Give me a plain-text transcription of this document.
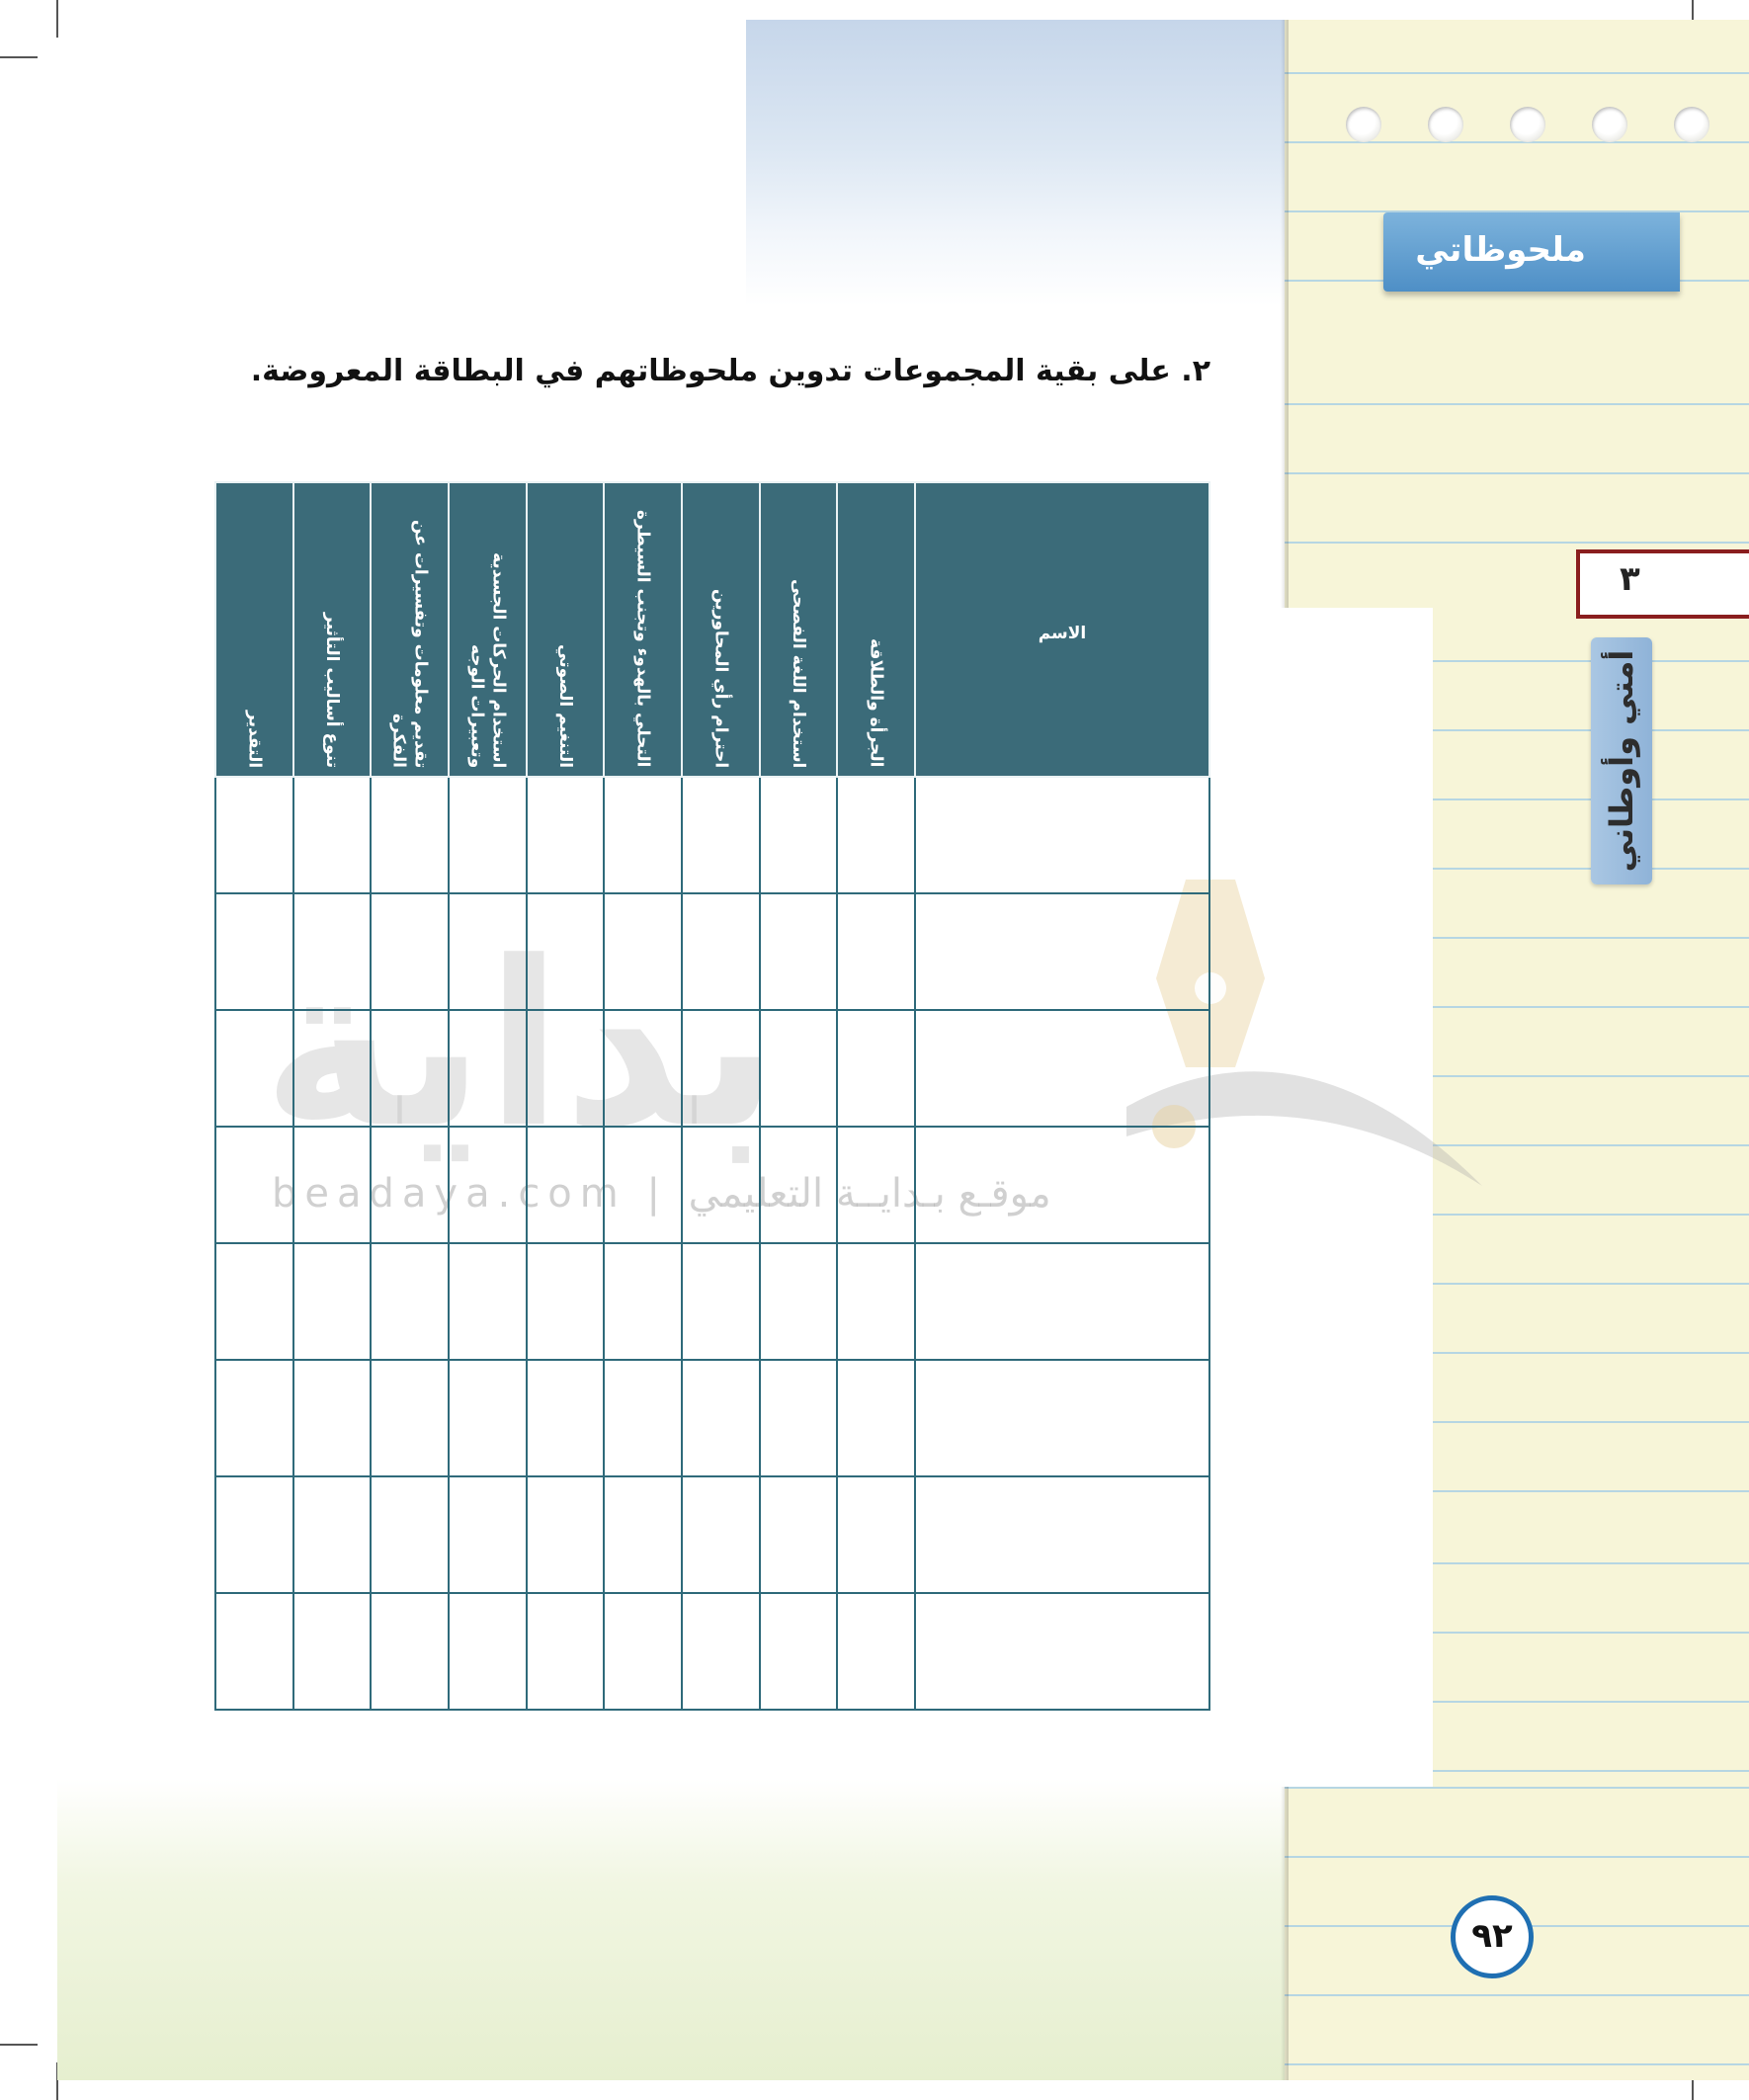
ملحوظاتي
٣
أمتي وأوطاني
٢. على بقية المجموعات تدوين ملحوظاتهم في البطاقة المعروضة.
بداية
beadaya.com | موقـع بـدايــة التعليمي
الاسم	الجرأة والطلاقة	استخدام اللغة الفصحى	احترام رأي المحاورين	التحلي بالهدوء وتجنب السيطرة	التنغيم الصوتي	استخدام الحركات الجسدية وتعبيرات الوجه	تقديم معلومات وتفسيرات عن الفكرة	تنوع أساليب التأثير	التقدير

٩٢
